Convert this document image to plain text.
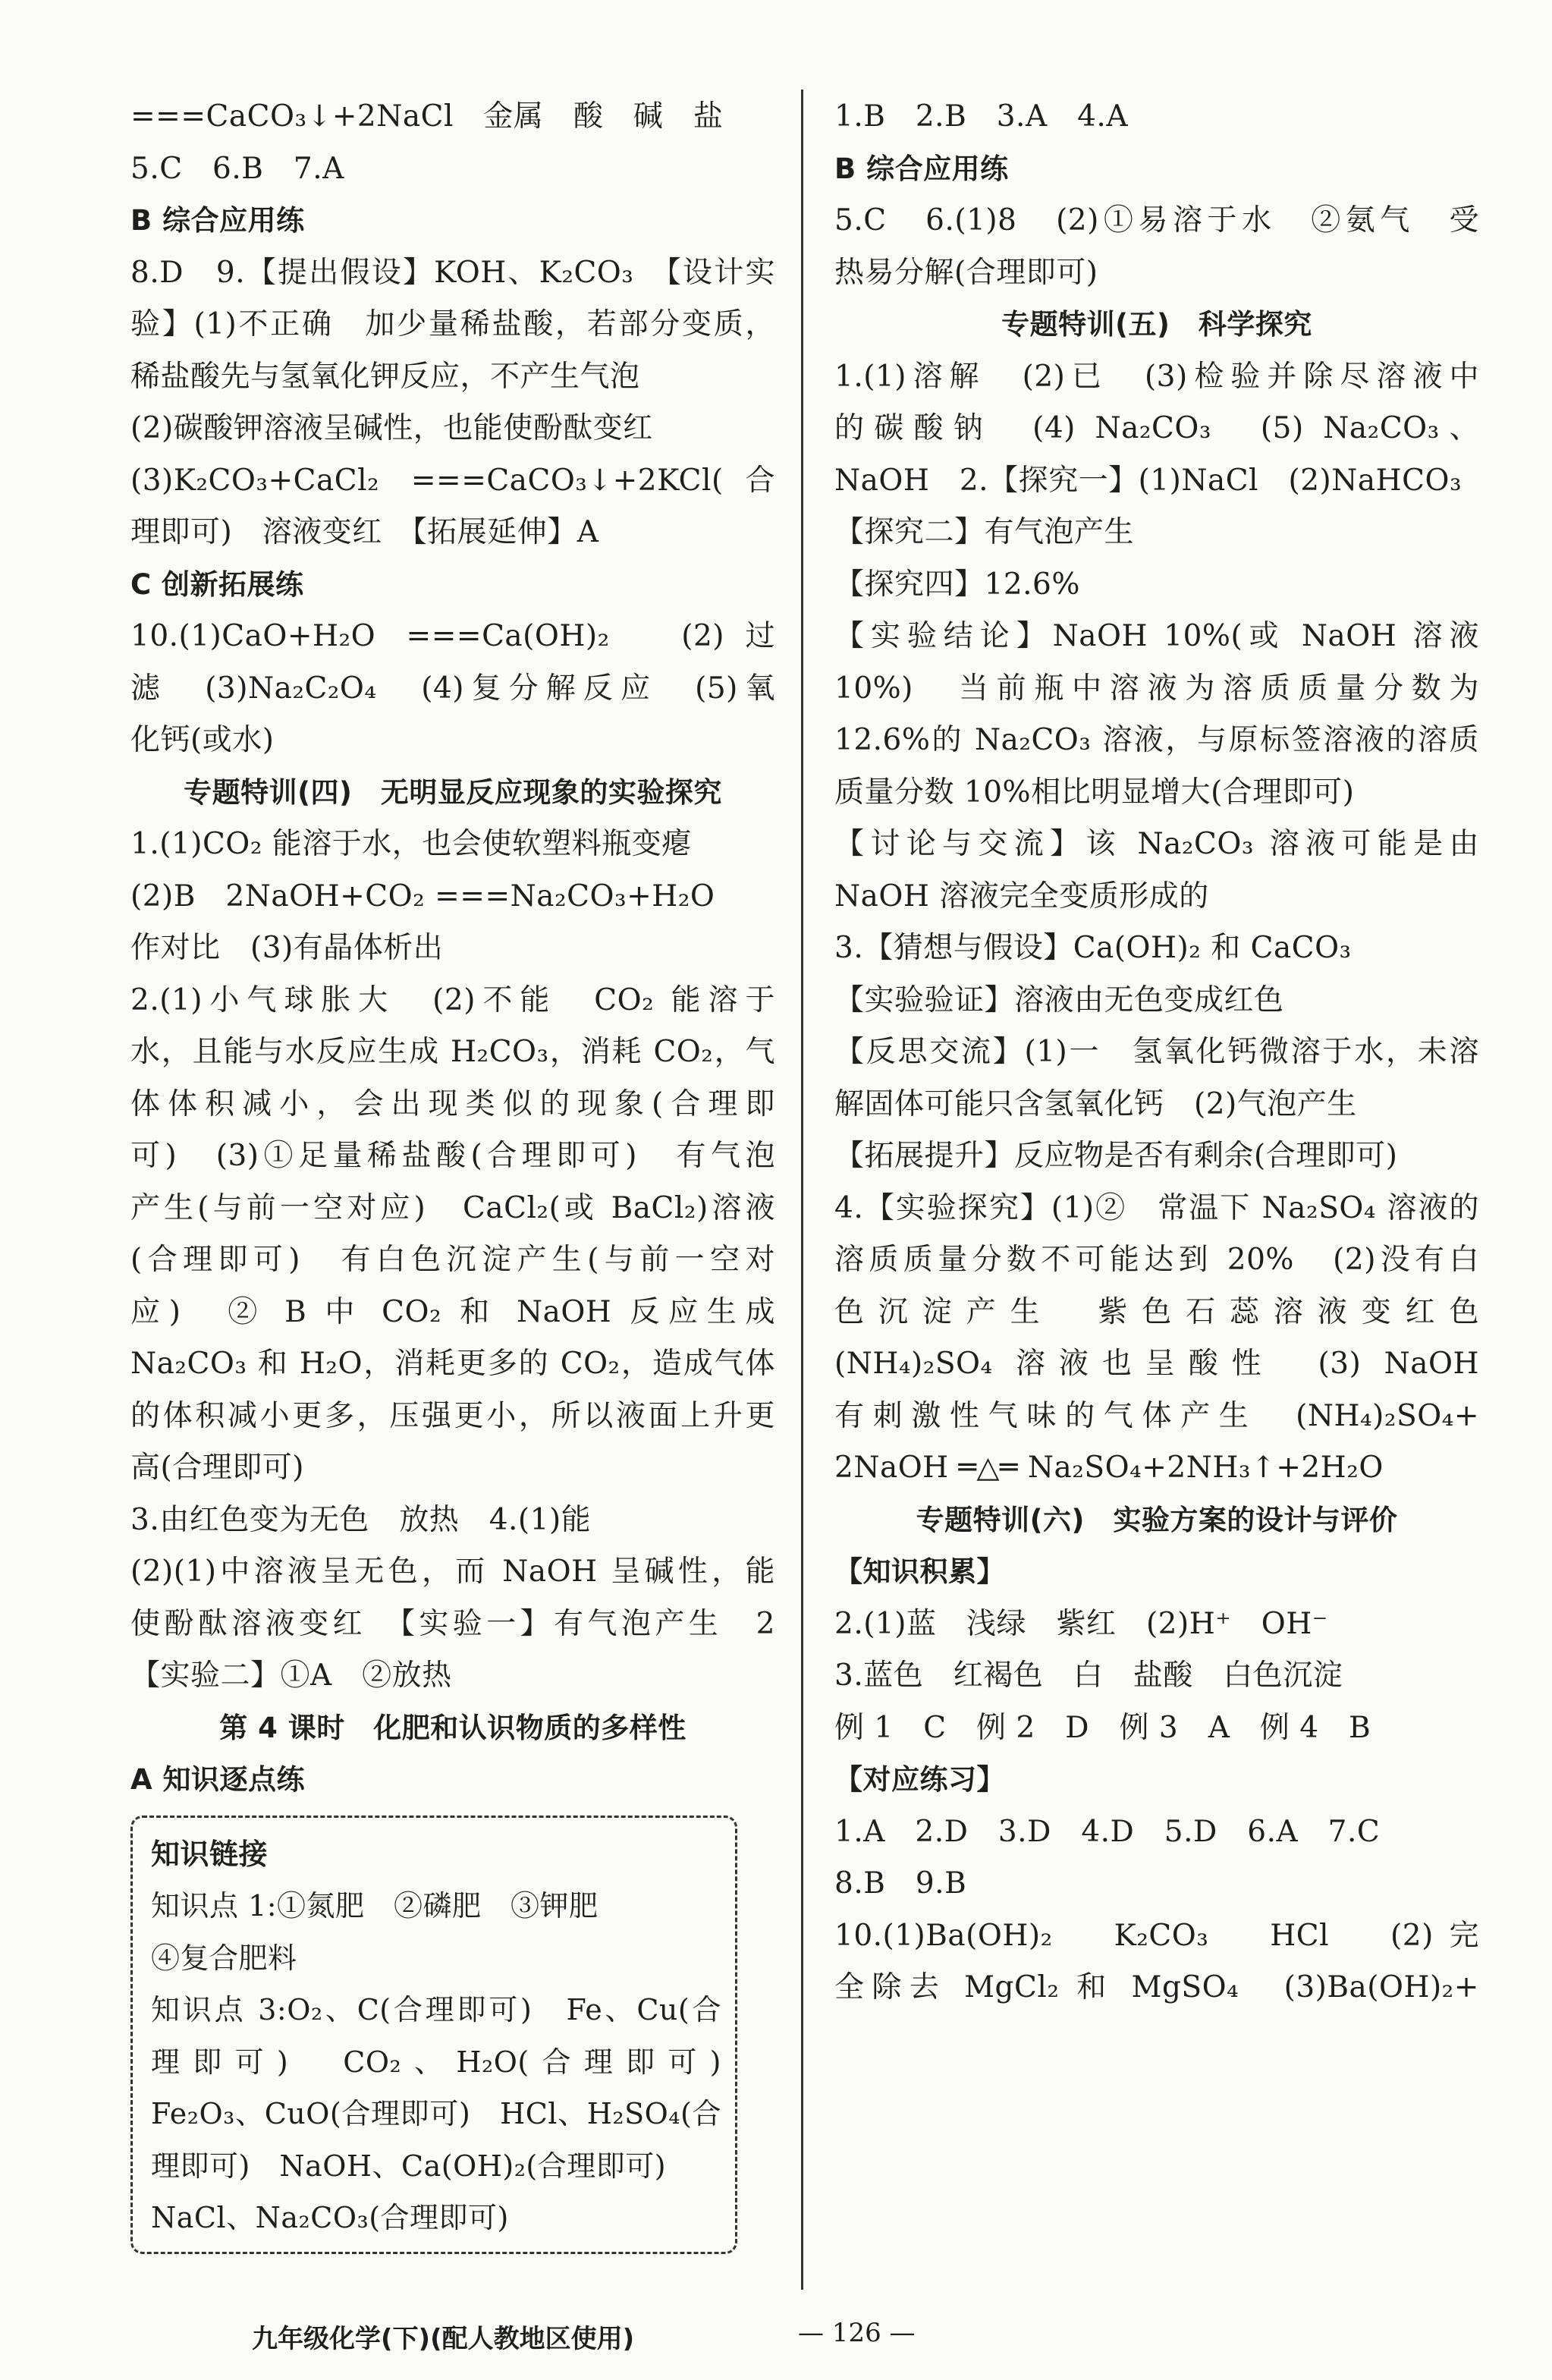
===CaCO₃↓+2NaCl　金属　酸　碱　盐
5.C　6.B　7.A
B 综合应用练
8.D　9.【提出假设】KOH、K₂CO₃　【设计实
验】(1)不正确　加少量稀盐酸，若部分变质，
稀盐酸先与氢氧化钾反应，不产生气泡
(2)碳酸钾溶液呈碱性，也能使酚酞变红
(3)K₂CO₃+CaCl₂ ===CaCO₃↓+2KCl(合
理即可)　溶液变红　【拓展延伸】A
C 创新拓展练
10.(1)CaO+H₂O ===Ca(OH)₂　(2)过
滤　(3)Na₂C₂O₄　(4)复分解反应　(5)氧
化钙(或水)
专题特训(四)　无明显反应现象的实验探究
1.(1)CO₂ 能溶于水，也会使软塑料瓶变瘪
(2)B　2NaOH+CO₂ ===Na₂CO₃+H₂O
作对比　(3)有晶体析出
2.(1)小气球胀大　(2)不能　CO₂ 能溶于
水，且能与水反应生成 H₂CO₃，消耗 CO₂，气
体体积减小，会出现类似的现象(合理即
可)　(3)①足量稀盐酸(合理即可)　有气泡
产生(与前一空对应)　CaCl₂(或 BaCl₂)溶液
(合理即可)　有白色沉淀产生(与前一空对
应)　② B 中 CO₂ 和 NaOH 反应生成
Na₂CO₃ 和 H₂O，消耗更多的 CO₂，造成气体
的体积减小更多，压强更小，所以液面上升更
高(合理即可)
3.由红色变为无色　放热　4.(1)能
(2)(1)中溶液呈无色，而 NaOH 呈碱性，能
使酚酞溶液变红　【实验一】有气泡产生　2
【实验二】①A　②放热
第 4 课时　化肥和认识物质的多样性
A 知识逐点练
知识链接
知识点 1:①氮肥　②磷肥　③钾肥
④复合肥料
知识点 3:O₂、C(合理即可)　Fe、Cu(合
理即可)　CO₂、H₂O(合理即可)
Fe₂O₃、CuO(合理即可)　HCl、H₂SO₄(合
理即可)　NaOH、Ca(OH)₂(合理即可)
NaCl、Na₂CO₃(合理即可)
1.B　2.B　3.A　4.A
B 综合应用练
5.C　6.(1)8　(2)①易溶于水　②氨气　受
热易分解(合理即可)
专题特训(五)　科学探究
1.(1)溶解　(2)已　(3)检验并除尽溶液中
的碳酸钠　(4) Na₂CO₃　(5) Na₂CO₃、
NaOH　2.【探究一】(1)NaCl　(2)NaHCO₃
【探究二】有气泡产生
【探究四】12.6%
【实验结论】NaOH 10%(或 NaOH 溶液
10%)　当前瓶中溶液为溶质质量分数为
12.6%的 Na₂CO₃ 溶液，与原标签溶液的溶质
质量分数 10%相比明显增大(合理即可)
【讨论与交流】该 Na₂CO₃ 溶液可能是由
NaOH 溶液完全变质形成的
3.【猜想与假设】Ca(OH)₂ 和 CaCO₃
【实验验证】溶液由无色变成红色
【反思交流】(1)一　氢氧化钙微溶于水，未溶
解固体可能只含氢氧化钙　(2)气泡产生
【拓展提升】反应物是否有剩余(合理即可)
4.【实验探究】(1)②　常温下 Na₂SO₄ 溶液的
溶质质量分数不可能达到 20%　(2)没有白
色沉淀产生　紫色石蕊溶液变红色
(NH₄)₂SO₄ 溶液也呈酸性　(3) NaOH
有刺激性气味的气体产生　(NH₄)₂SO₄+
2NaOH ═△═ Na₂SO₄+2NH₃↑+2H₂O
专题特训(六)　实验方案的设计与评价
【知识积累】
2.(1)蓝　浅绿　紫红　(2)H⁺　OH⁻
3.蓝色　红褐色　白　盐酸　白色沉淀
例 1　C　例 2　D　例 3　A　例 4　B
【对应练习】
1.A　2.D　3.D　4.D　5.D　6.A　7.C
8.B　9.B
10.(1)Ba(OH)₂　K₂CO₃　HCl　(2)完
全除去 MgCl₂ 和 MgSO₄　(3)Ba(OH)₂+
九年级化学(下)(配人教地区使用)	— 126 —
